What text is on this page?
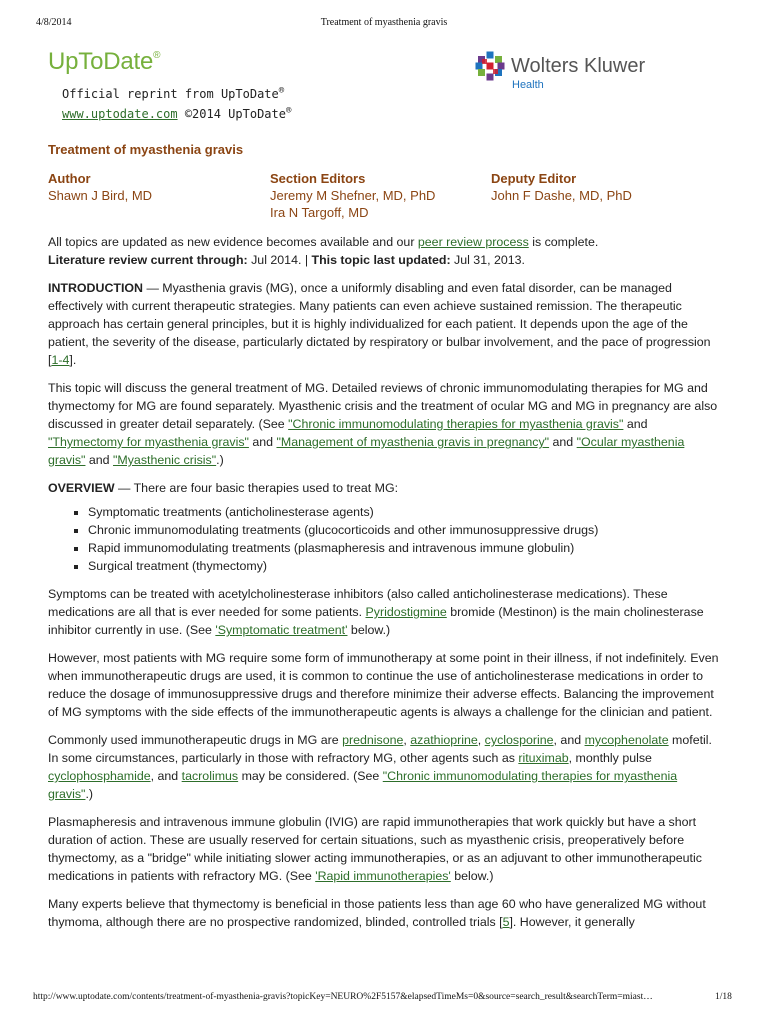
4/8/2014	Treatment of myasthenia gravis
UpToDate®
Official reprint from UpToDate®
www.uptodate.com ©2014 UpToDate®
Wolters Kluwer
Health
Treatment of myasthenia gravis
Author
Shawn J Bird, MD
Section Editors
Jeremy M Shefner, MD, PhD
Ira N Targoff, MD
Deputy Editor
John F Dashe, MD, PhD

All topics are updated as new evidence becomes available and our peer review process is complete.
Literature review current through: Jul 2014. | This topic last updated: Jul 31, 2013.

INTRODUCTION — Myasthenia gravis (MG), once a uniformly disabling and even fatal disorder, can be managed effectively with current therapeutic strategies. Many patients can even achieve sustained remission. The therapeutic approach has certain general principles, but it is highly individualized for each patient. It depends upon the age of the patient, the severity of the disease, particularly dictated by respiratory or bulbar involvement, and the pace of progression [1-4].

This topic will discuss the general treatment of MG. Detailed reviews of chronic immunomodulating therapies for MG and thymectomy for MG are found separately. Myasthenic crisis and the treatment of ocular MG and MG in pregnancy are also discussed in greater detail separately. (See "Chronic immunomodulating therapies for myasthenia gravis" and "Thymectomy for myasthenia gravis" and "Management of myasthenia gravis in pregnancy" and "Ocular myasthenia gravis" and "Myasthenic crisis".)

OVERVIEW — There are four basic therapies used to treat MG:

▪ Symptomatic treatments (anticholinesterase agents)
▪ Chronic immunomodulating treatments (glucocorticoids and other immunosuppressive drugs)
▪ Rapid immunomodulating treatments (plasmapheresis and intravenous immune globulin)
▪ Surgical treatment (thymectomy)

Symptoms can be treated with acetylcholinesterase inhibitors (also called anticholinesterase medications). These medications are all that is ever needed for some patients. Pyridostigmine bromide (Mestinon) is the main cholinesterase inhibitor currently in use. (See 'Symptomatic treatment' below.)

However, most patients with MG require some form of immunotherapy at some point in their illness, if not indefinitely. Even when immunotherapeutic drugs are used, it is common to continue the use of anticholinesterase medications in order to reduce the dosage of immunosuppressive drugs and therefore minimize their adverse effects. Balancing the improvement of MG symptoms with the side effects of the immunotherapeutic agents is always a challenge for the clinician and patient.

Commonly used immunotherapeutic drugs in MG are prednisone, azathioprine, cyclosporine, and mycophenolate mofetil. In some circumstances, particularly in those with refractory MG, other agents such as rituximab, monthly pulse cyclophosphamide, and tacrolimus may be considered. (See "Chronic immunomodulating therapies for myasthenia gravis".)

Plasmapheresis and intravenous immune globulin (IVIG) are rapid immunotherapies that work quickly but have a short duration of action. These are usually reserved for certain situations, such as myasthenic crisis, preoperatively before thymectomy, as a "bridge" while initiating slower acting immunotherapies, or as an adjuvant to other immunotherapeutic medications in patients with refractory MG. (See 'Rapid immunotherapies' below.)

Many experts believe that thymectomy is beneficial in those patients less than age 60 who have generalized MG without thymoma, although there are no prospective randomized, blinded, controlled trials [5]. However, it generally

http://www.uptodate.com/contents/treatment-of-myasthenia-gravis?topicKey=NEURO%2F5157&elapsedTimeMs=0&source=search_result&searchTerm=miast…	1/18
